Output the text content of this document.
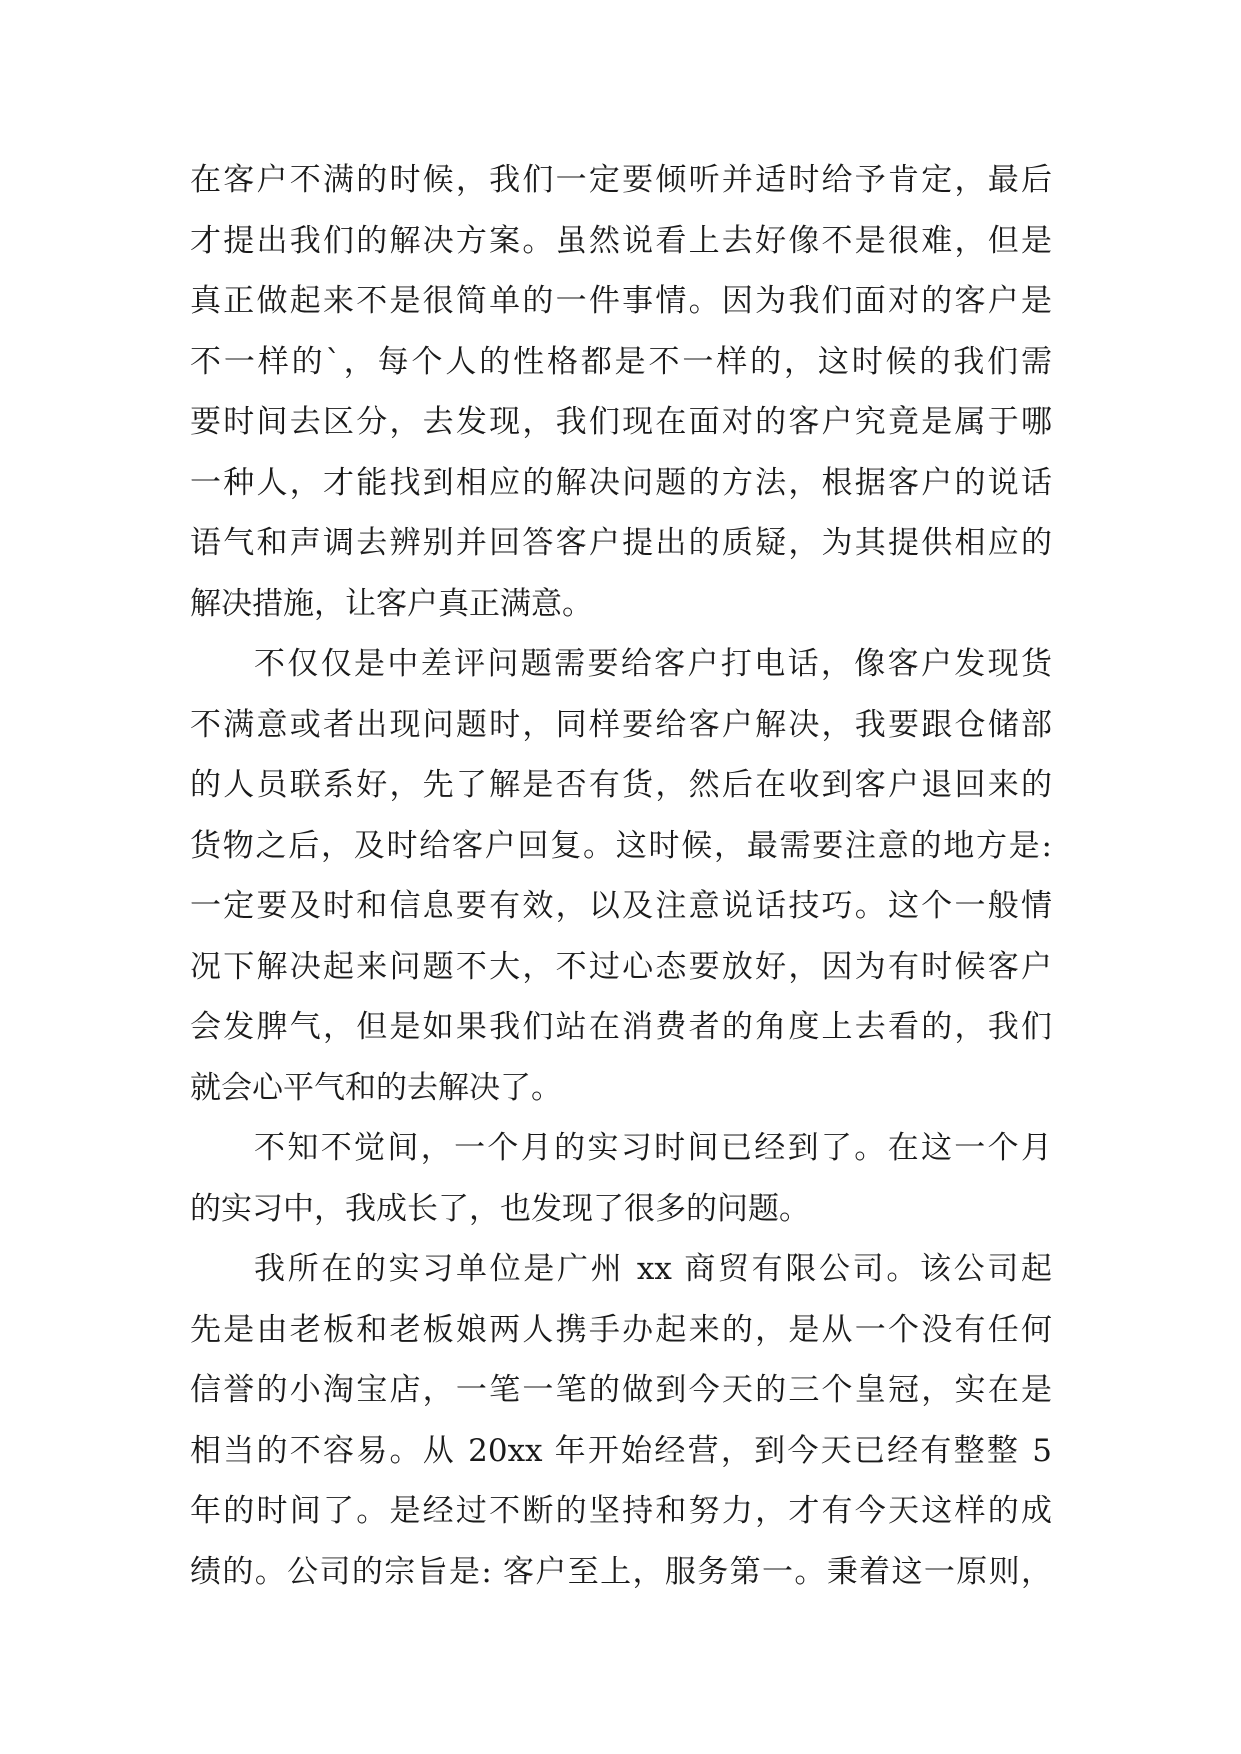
在客户不满的时候，我们一定要倾听并适时给予肯定，最后
才提出我们的解决方案。虽然说看上去好像不是很难，但是
真正做起来不是很简单的一件事情。因为我们面对的客户是
不一样的`，每个人的性格都是不一样的，这时候的我们需
要时间去区分，去发现，我们现在面对的客户究竟是属于哪
一种人，才能找到相应的解决问题的方法，根据客户的说话
语气和声调去辨别并回答客户提出的质疑，为其提供相应的
解决措施，让客户真正满意。
不仅仅是中差评问题需要给客户打电话，像客户发现货
不满意或者出现问题时，同样要给客户解决，我要跟仓储部
的人员联系好，先了解是否有货，然后在收到客户退回来的
货物之后，及时给客户回复。这时候，最需要注意的地方是:
一定要及时和信息要有效，以及注意说话技巧。这个一般情
况下解决起来问题不大，不过心态要放好，因为有时候客户
会发脾气，但是如果我们站在消费者的角度上去看的，我们
就会心平气和的去解决了。
不知不觉间，一个月的实习时间已经到了。在这一个月
的实习中，我成长了，也发现了很多的问题。
我所在的实习单位是广州 xx 商贸有限公司。该公司起
先是由老板和老板娘两人携手办起来的，是从一个没有任何
信誉的小淘宝店，一笔一笔的做到今天的三个皇冠，实在是
相当的不容易。从 20xx 年开始经营，到今天已经有整整 5
年的时间了。是经过不断的坚持和努力，才有今天这样的成
绩的。公司的宗旨是: 客户至上，服务第一。秉着这一原则，
